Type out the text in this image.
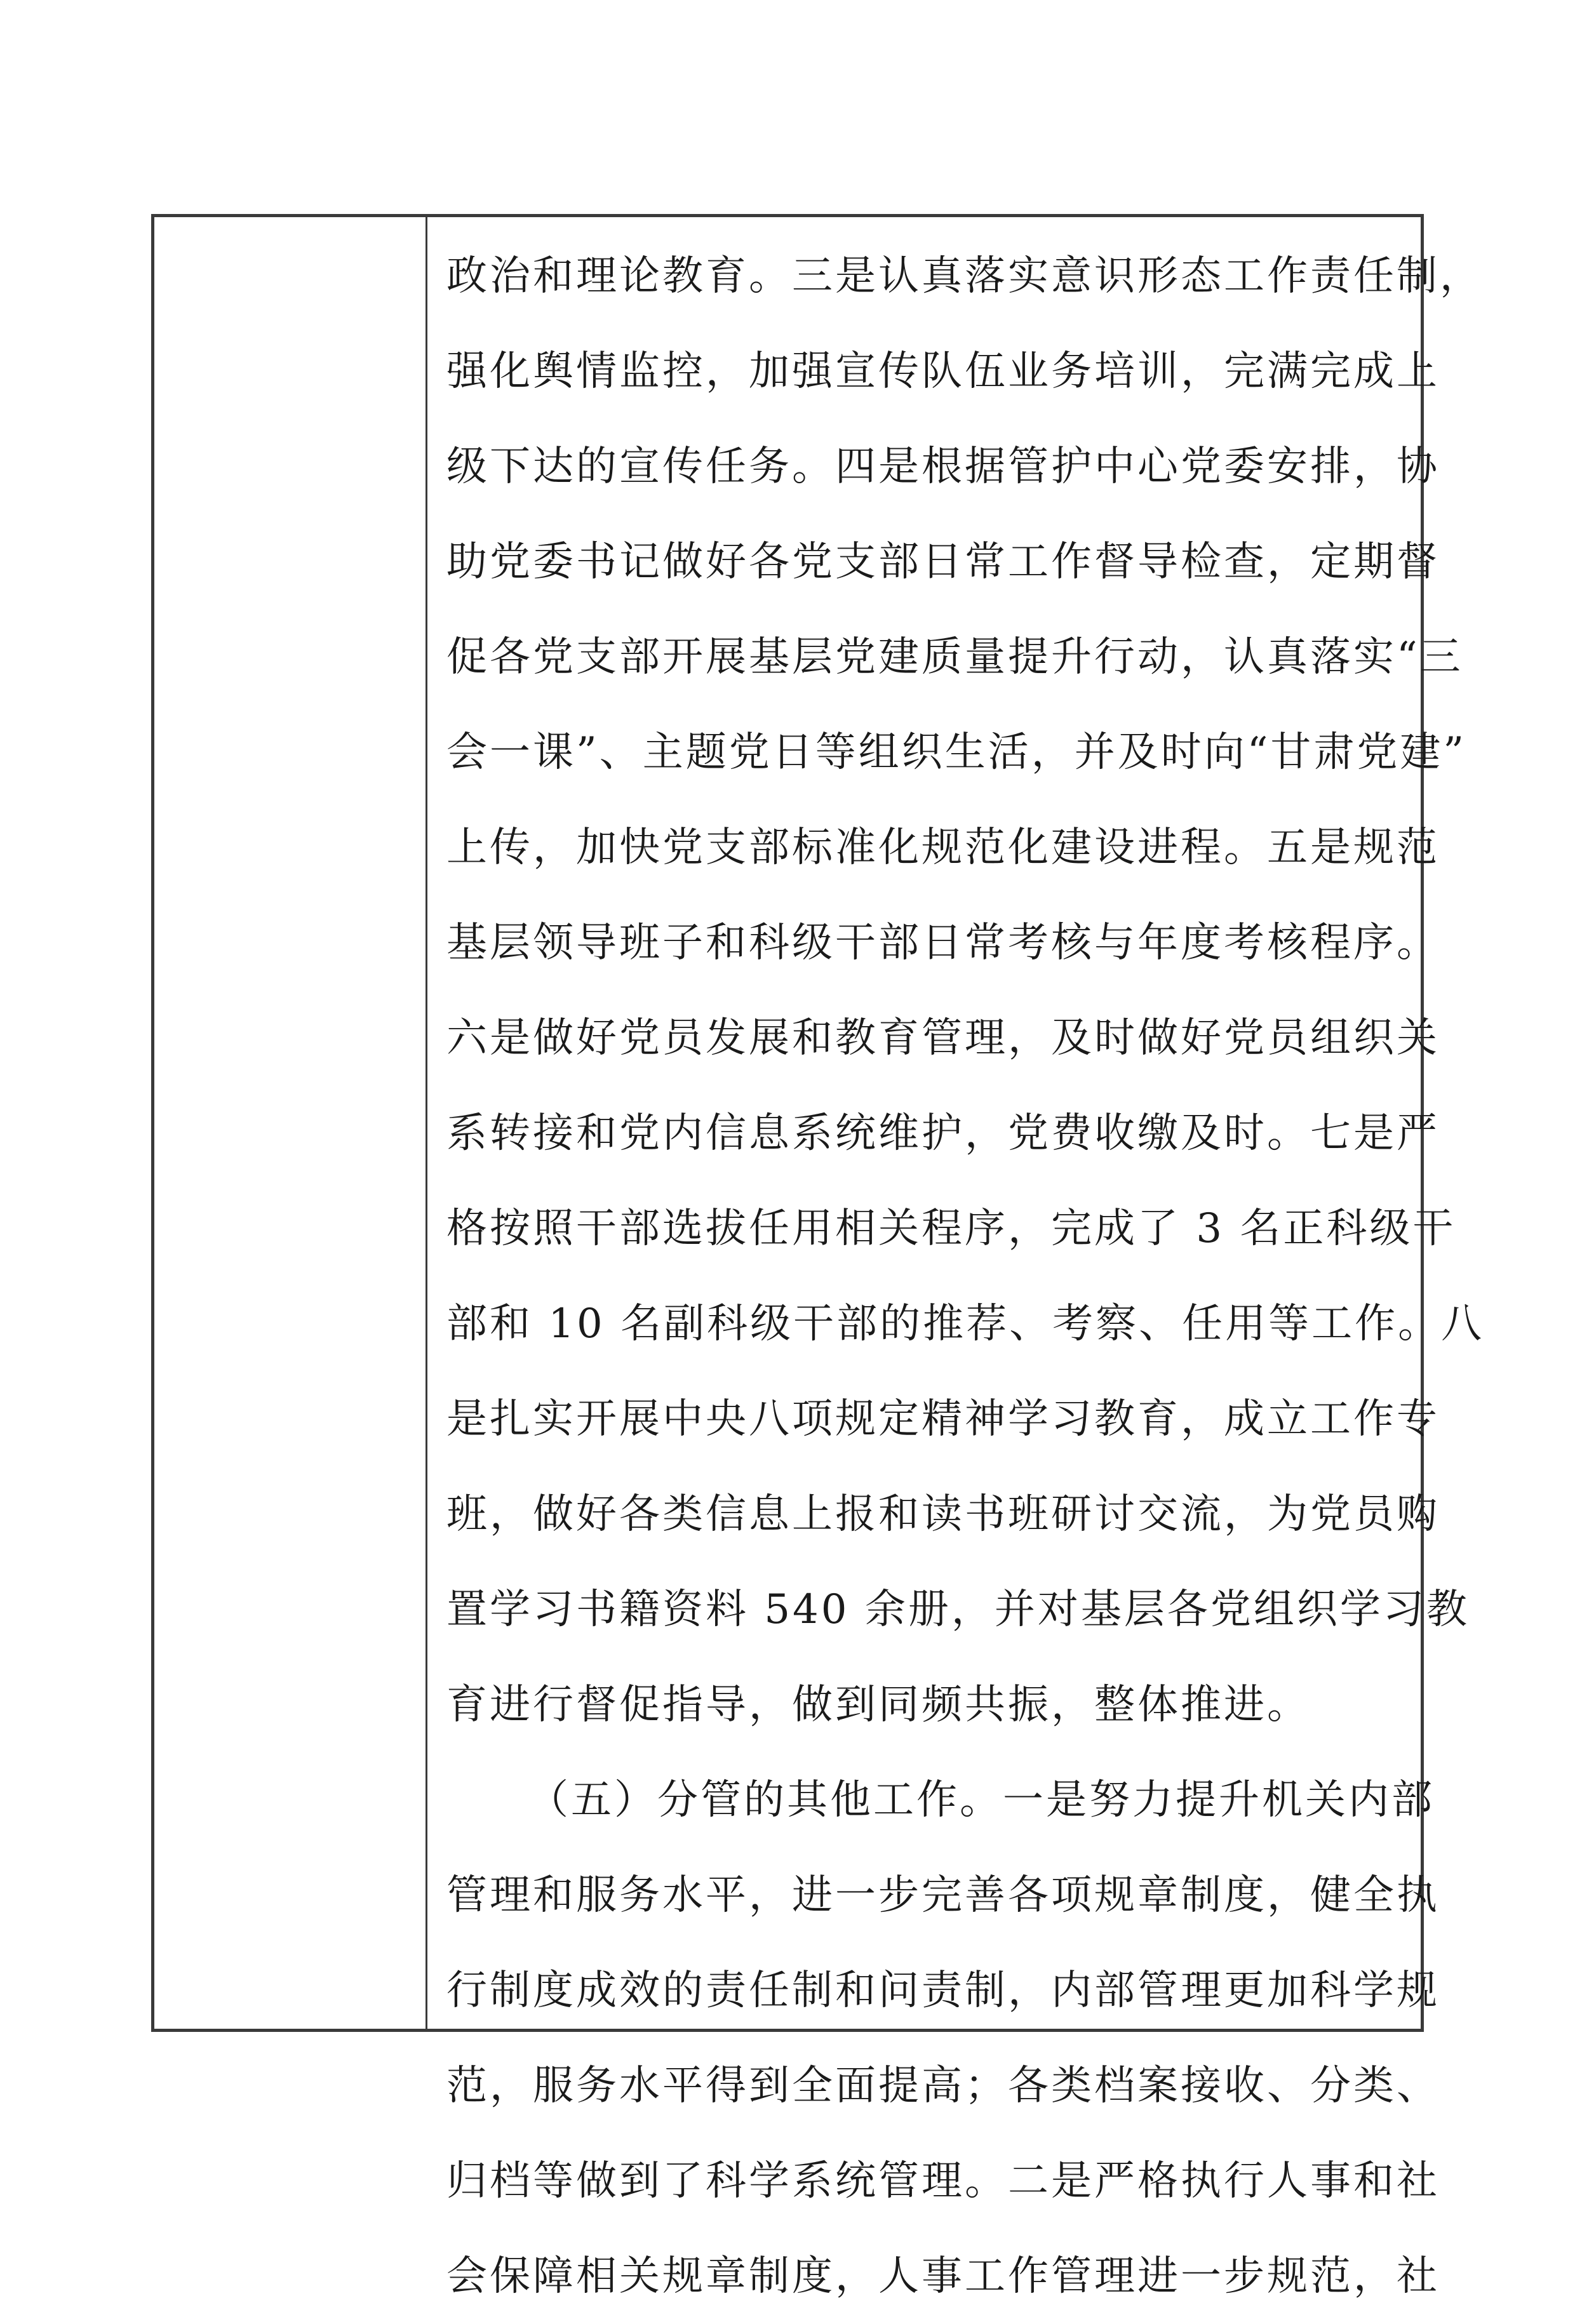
政治和理论教育。三是认真落实意识形态工作责任制，
强化舆情监控，加强宣传队伍业务培训，完满完成上
级下达的宣传任务。四是根据管护中心党委安排，协
助党委书记做好各党支部日常工作督导检查，定期督
促各党支部开展基层党建质量提升行动，认真落实“三
会一课”、主题党日等组织生活，并及时向“甘肃党建”
上传，加快党支部标准化规范化建设进程。五是规范
基层领导班子和科级干部日常考核与年度考核程序。
六是做好党员发展和教育管理，及时做好党员组织关
系转接和党内信息系统维护，党费收缴及时。七是严
格按照干部选拔任用相关程序，完成了 3 名正科级干
部和 10 名副科级干部的推荐、考察、任用等工作。八
是扎实开展中央八项规定精神学习教育，成立工作专
班，做好各类信息上报和读书班研讨交流，为党员购
置学习书籍资料 540 余册，并对基层各党组织学习教
育进行督促指导，做到同频共振，整体推进。
（五）分管的其他工作。一是努力提升机关内部
管理和服务水平，进一步完善各项规章制度，健全执
行制度成效的责任制和问责制，内部管理更加科学规
范，服务水平得到全面提高；各类档案接收、分类、
归档等做到了科学系统管理。二是严格执行人事和社
会保障相关规章制度，人事工作管理进一步规范，社
